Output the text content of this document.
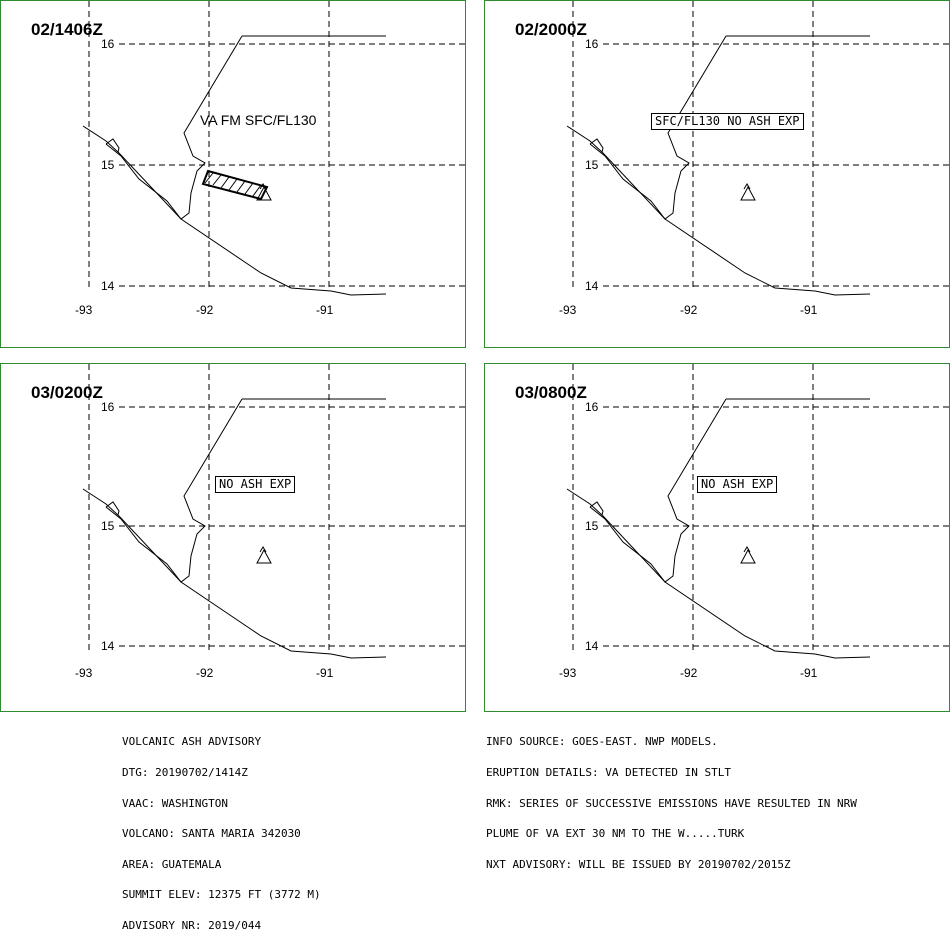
16
15
14
-93	-92	-91
02/1406Z
VA FM SFC/FL130
16
15
14
-93	-92	-91
02/2000Z
SFC/FL130 NO ASH EXP
16
15
14
-93	-92	-91
03/0200Z
NO ASH EXP
16
15
14
-93	-92	-91
03/0800Z
NO ASH EXP

VOLCANIC ASH ADVISORY

DTG: 20190702/1414Z

VAAC: WASHINGTON

VOLCANO: SANTA MARIA 342030

AREA: GUATEMALA

SUMMIT ELEV: 12375 FT (3772 M)

ADVISORY NR: 2019/044

INFO SOURCE: GOES-EAST. NWP MODELS.

ERUPTION DETAILS: VA DETECTED IN STLT

RMK: SERIES OF SUCCESSIVE EMISSIONS HAVE RESULTED IN NRW

PLUME OF VA EXT 30 NM TO THE W.....TURK

NXT ADVISORY: WILL BE ISSUED BY 20190702/2015Z
